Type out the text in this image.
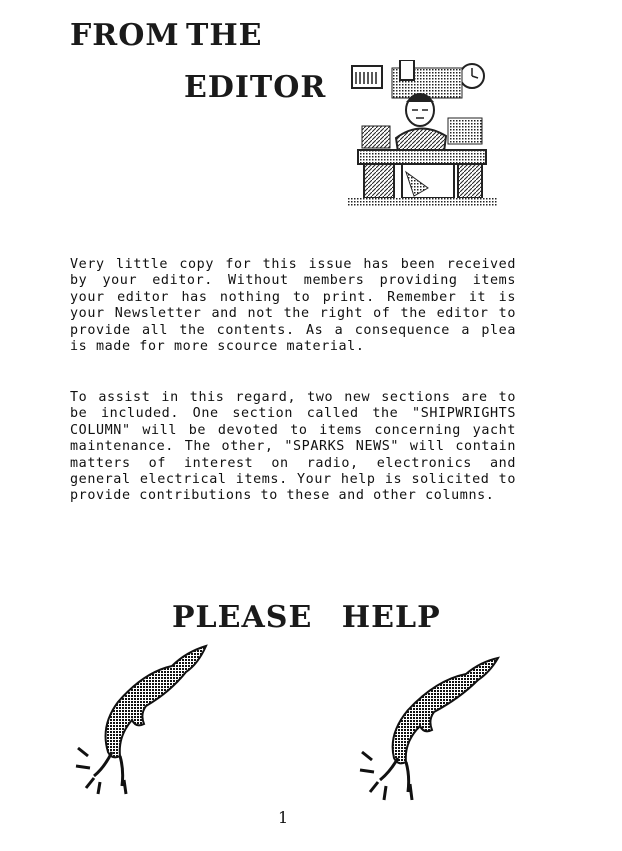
FROM THE
EDITOR

Very little copy for this issue has been received by your editor. Without members providing items your editor has nothing to print. Remember it is your Newsletter and not the right of the editor to provide all the contents. As a consequence a plea is made for more scource material.

To assist in this regard, two new sections are to be included. One section called the "SHIPWRIGHTS COLUMN" will be devoted to items concerning yacht maintenance. The other, "SPARKS NEWS" will contain matters of interest on radio, electronics and general electrical items. Your help is solicited to provide contributions to these and other columns.

PLEASE HELP
1
